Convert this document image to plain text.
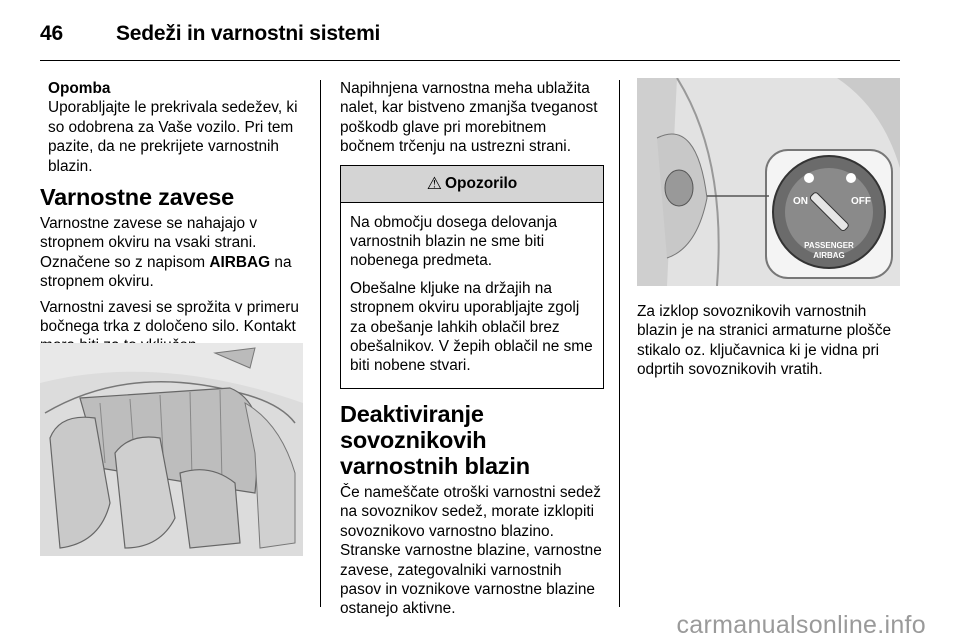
46	Sedeži in varnostni sistemi
Opomba
Uporabljajte le prekrivala sedežev, ki so odobrena za Vaše vozilo. Pri tem pazite, da ne prekrijete varnostnih blazin.
Varnostne zavese

Varnostne zavese se nahajajo v stropnem okviru na vsaki strani. Označene so z napisom AIRBAG na stropnem okviru.

Varnostni zavesi se sprožita v primeru bočnega trka z določeno silo. Kontakt

Napihnjena varnostna meha ublažita nalet, kar bistveno zmanjša tveganost poškodb glave pri morebitnem bočnem trčenju na ustrezni strani.

⚠ Opozorilo

Na območju dosega delovanja varnostnih blazin ne sme biti nobenega predmeta.

Obešalne kljuke na držajih na stropnem okviru uporabljajte zgolj za obešanje lahkih oblačil brez obešalnikov. V žepih oblačil ne sme biti nobene stvari.

Deaktiviranje sovoznikovih varnostnih blazin

Če nameščate otroški varnostni sedež na sovoznikov sedež, morate izklopiti sovoznikovo varnostno blazino. Stranske varnostne blazine, varnostne zavese, zategovalniki varnostnih pasov in voznikove varnostne blazine ostanejo aktivne.

ON	OFF
PASSENGER
AIRBAG
Za izklop sovoznikovih varnostnih blazin je na stranici armaturne plošče stikalo oz. ključavnica ki je vidna pri odprtih sovoznikovih vratih.
carmanualsonline.info
